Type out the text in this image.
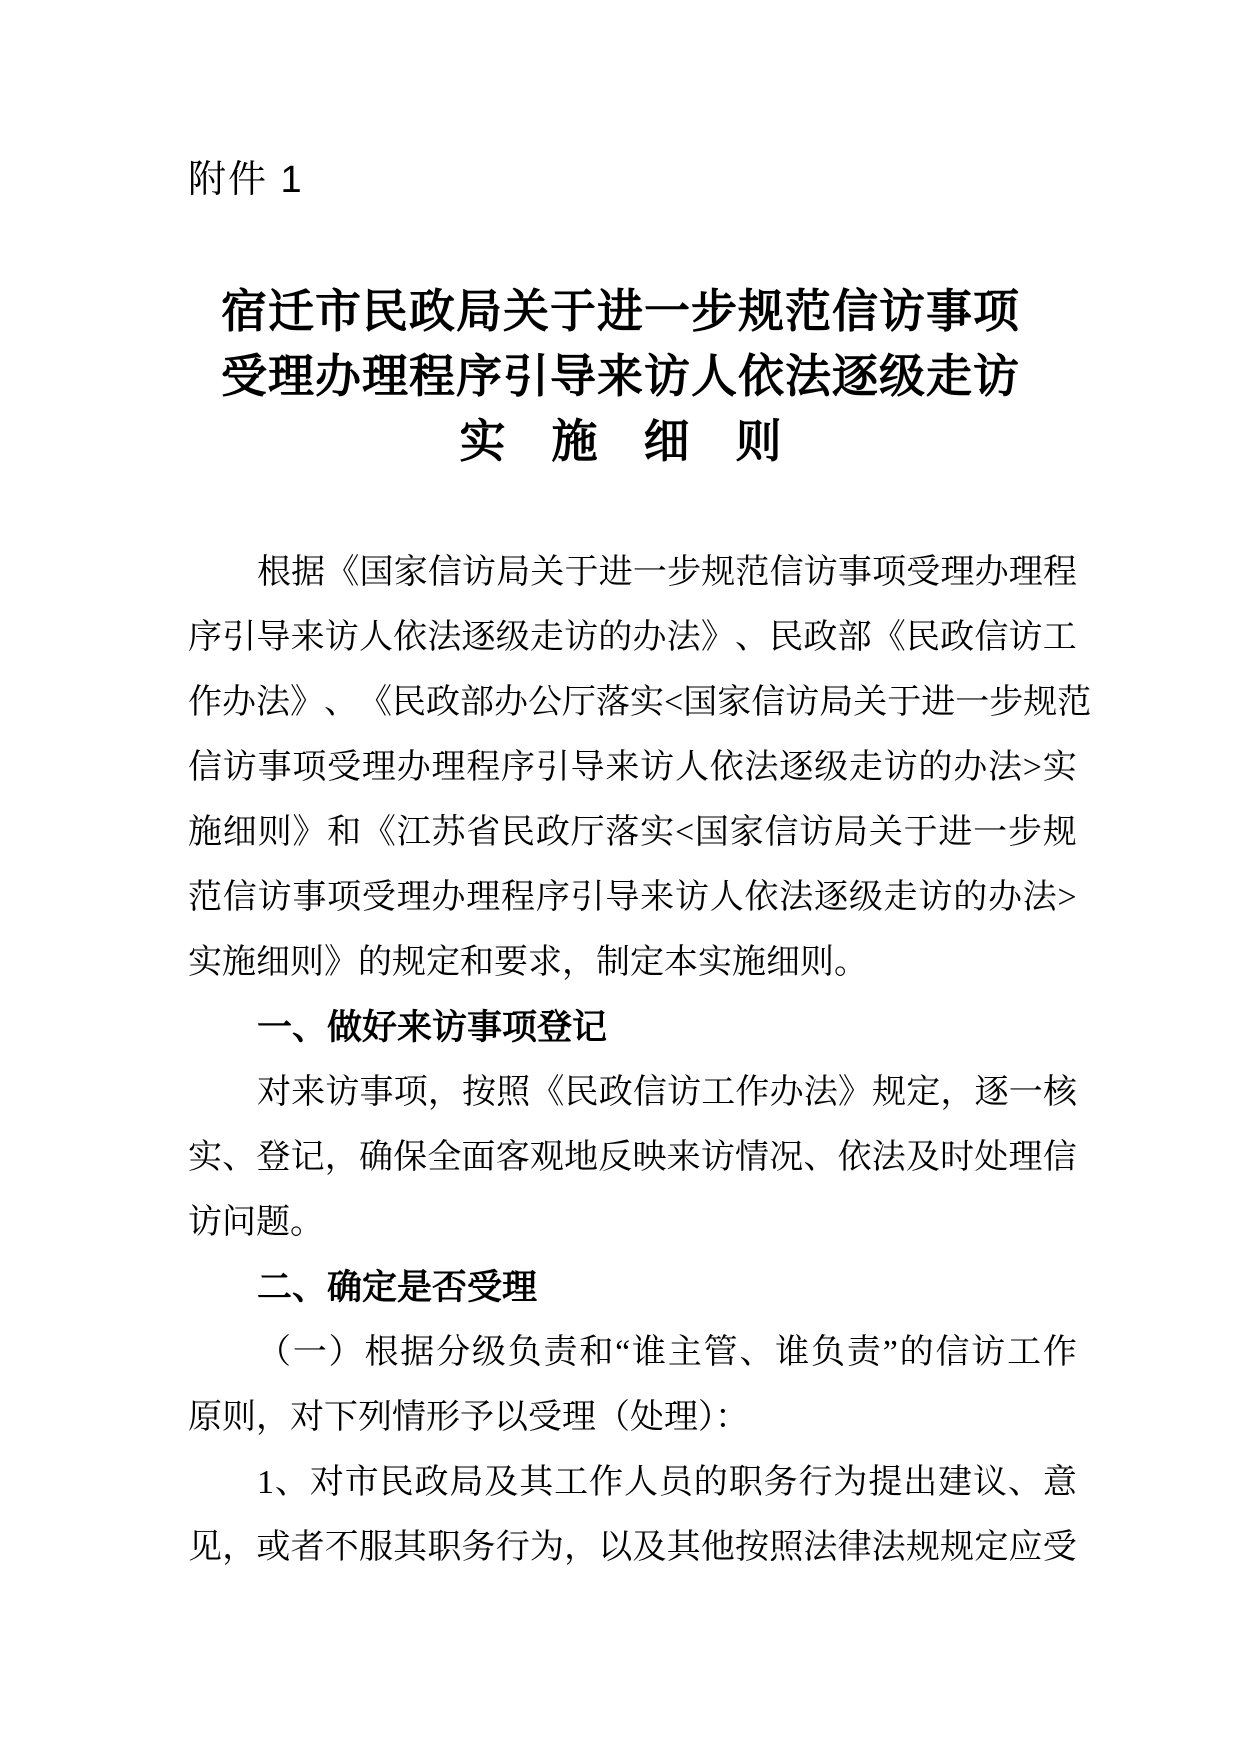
附件 1
宿迁市民政局关于进一步规范信访事项
受理办理程序引导来访人依法逐级走访
实施细则
根 据 《 国 家 信 访 局 关 于 进 一 步 规 范 信 访 事 项 受 理 办 理 程
序 引 导 来 访 人 依 法 逐 级 走 访 的 办 法 》 、 民 政 部 《 民 政 信 访 工
作 办 法 》 、 《 民 政 部 办 公 厅 落 实 < 国 家 信 访 局 关 于 进 一 步 规 范
信 访 事 项 受 理 办 理 程 序 引 导 来 访 人 依 法 逐 级 走 访 的 办 法 > 实
施 细 则 》 和 《 江 苏 省 民 政 厅 落 实 < 国 家 信 访 局 关 于 进 一 步 规
范 信 访 事 项 受 理 办 理 程 序 引 导 来 访 人 依 法 逐 级 走 访 的 办 法 >
实施细则》的规定和要求，制定本实施细则。
一、做好来访事项登记
对 来 访 事 项 ， 按 照 《 民 政 信 访 工 作 办 法 》 规 定 ， 逐 一 核
实 、 登 记 ， 确 保 全 面 客 观 地 反 映 来 访 情 况 、 依 法 及 时 处 理 信
访问题。
二、确定是否受理
（ 一 ） 根 据 分 级 负 责 和 “ 谁 主 管 、 谁 负 责 ” 的 信 访 工 作
原则，对下列情形予以受理（处理）：
1 、 对 市 民 政 局 及 其 工 作 人 员 的 职 务 行 为 提 出 建 议 、 意
见 ， 或 者 不 服 其 职 务 行 为 ， 以 及 其 他 按 照 法 律 法 规 规 定 应 受
